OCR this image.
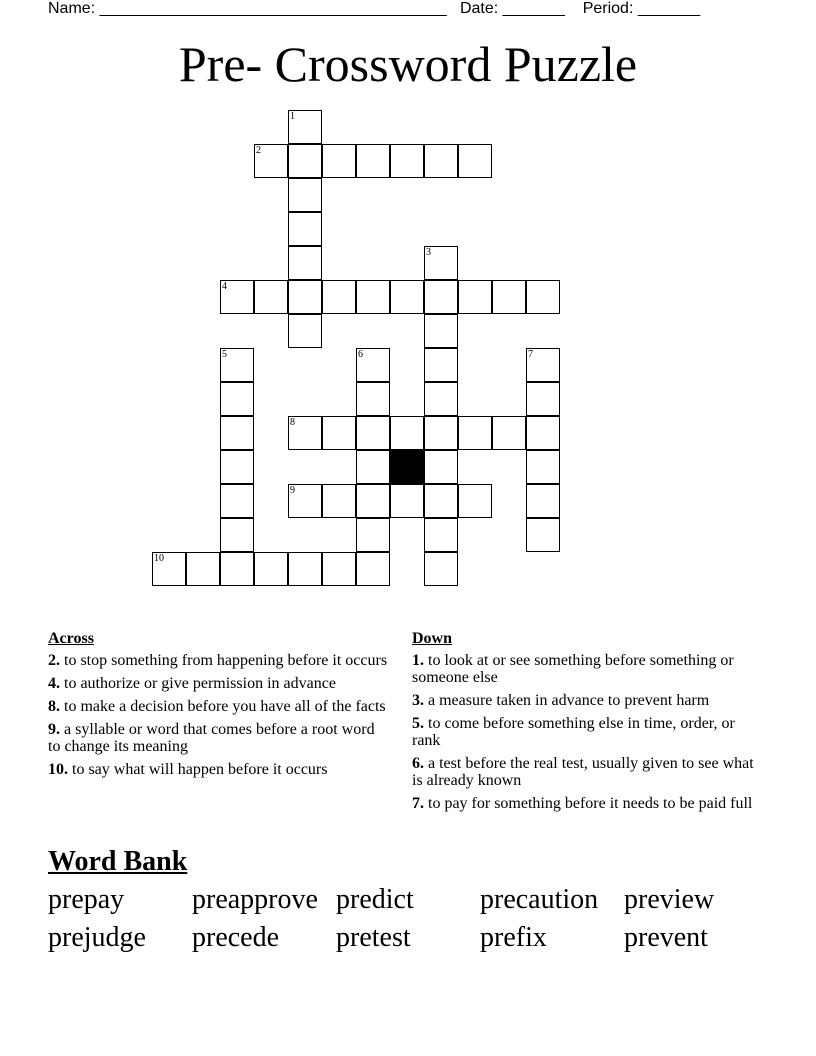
Name: _______________________________________   Date: _______    Period: _______
Pre- Crossword Puzzle
1
2
3
4
5	6	7
8
9
10
Across
2. to stop something from happening before it occurs
4. to authorize or give permission in advance
8. to make a decision before you have all of the facts
9. a syllable or word that comes before a root word to change its meaning
10. to say what will happen before it occurs
Down
1. to look at or see something before something or someone else
3. a measure taken in advance to prevent harm
5. to come before something else in time, order, or rank
6. a test before the real test, usually given to see what is already known
7. to pay for something before it needs to be paid full
Word Bank
prepay preapprove predict precaution preview
prejudge precede pretest prefix	prevent
